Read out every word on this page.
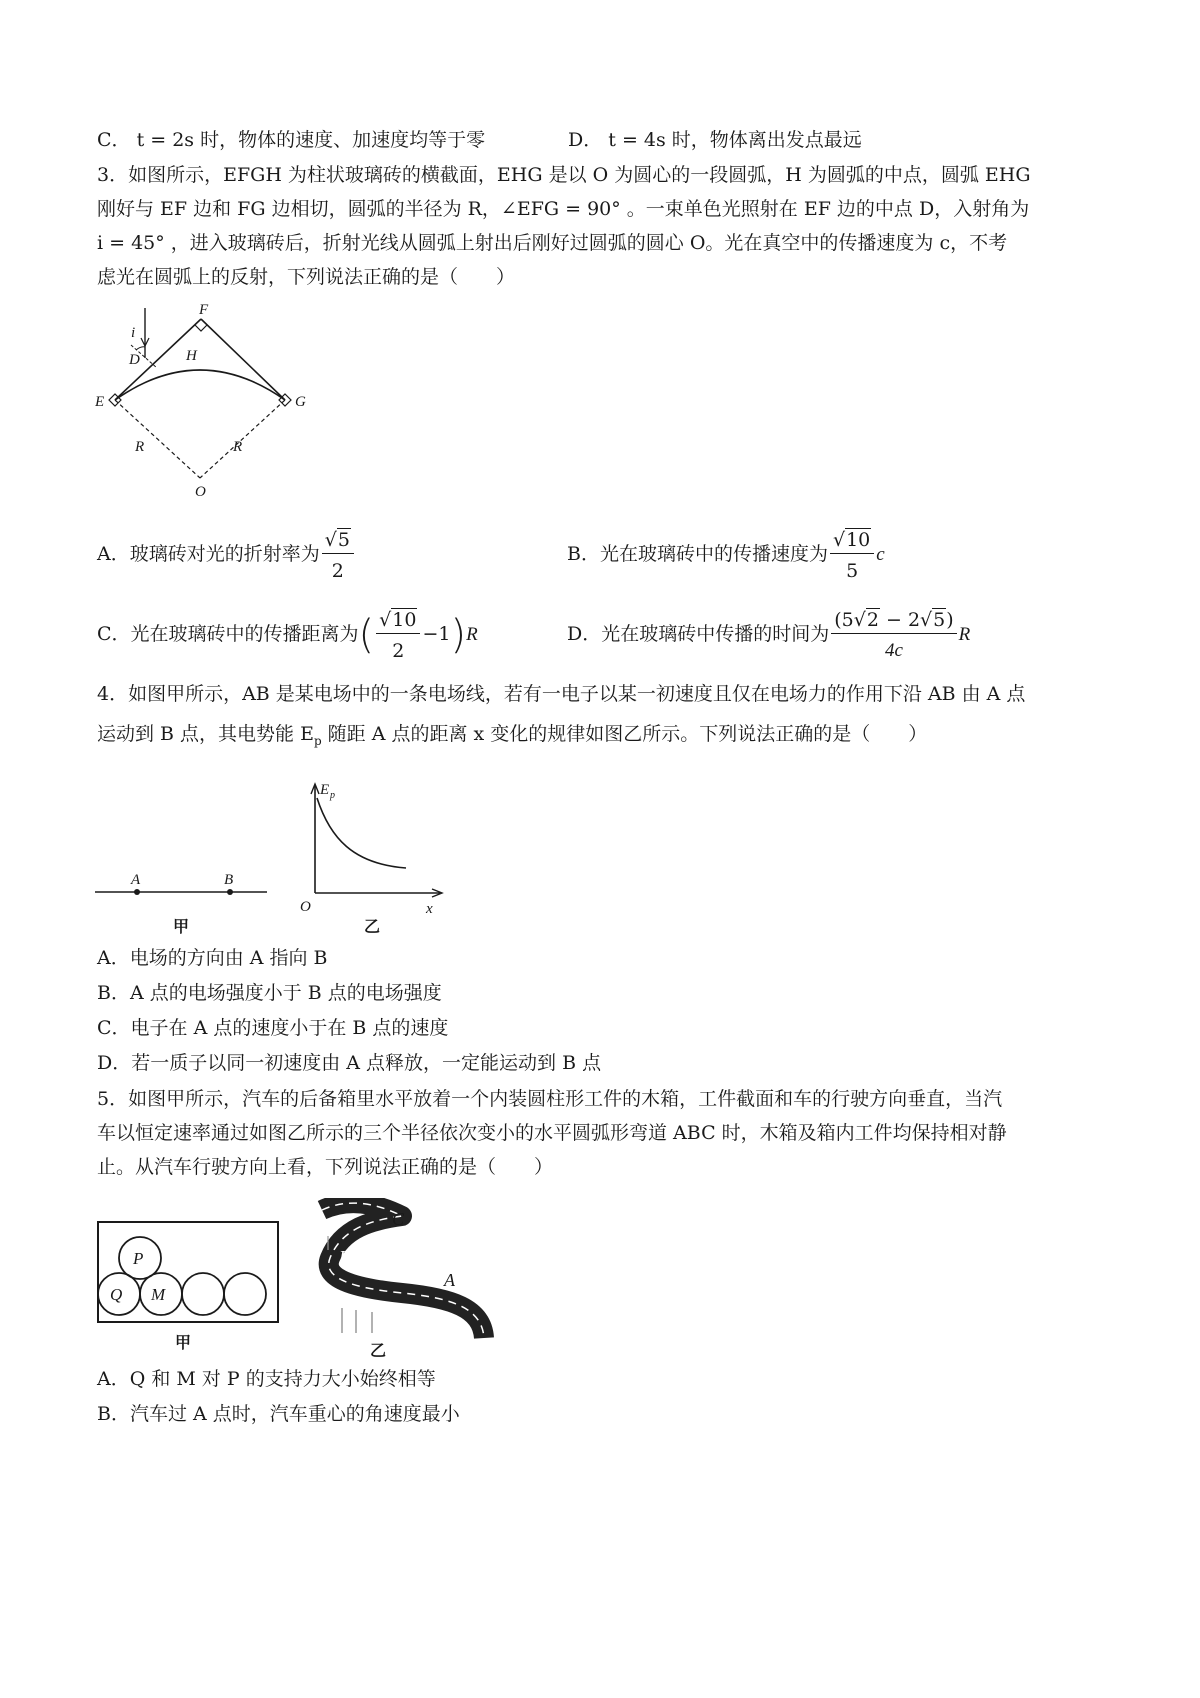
C． t = 2s 时，物体的速度、加速度均等于零	D． t = 4s 时，物体离出发点最远
3．如图所示，EFGH 为柱状玻璃砖的横截面，EHG 是以 O 为圆心的一段圆弧，H 为圆弧的中点，圆弧 EHG
刚好与 EF 边和 FG 边相切，圆弧的半径为 R，∠EFG = 90° 。一束单色光照射在 EF 边的中点 D，入射角为
i = 45° ，进入玻璃砖后，折射光线从圆弧上射出后刚好过圆弧的圆心 O。光在真空中的传播速度为 c，不考
虑光在圆弧上的反射，下列说法正确的是（　　）
F
i
D	H
E	G
R	R
O
A．玻璃砖对光的折射率为 $\frac{√5}{2}$	B．光在玻璃砖中的传播速度为 $\frac{√10}{5}$ c
C．光在玻璃砖中的传播距离为( $\frac{√10}{2} -1)R$	D．光在玻璃砖中传播的时间为 $\frac{(5√2 - 2√5)}{4c}$ R
4．如图甲所示，AB 是某电场中的一条电场线，若有一电子以某一初速度且仅在电场力的作用下沿 AB 由 A 点
运动到 B 点，其电势能 $E_p$ 随距 A 点的距离 x 变化的规律如图乙所示。下列说法正确的是（　　）
A	B
甲
E p
O	x
乙
A．电场的方向由 A 指向 B
B．A 点的电场强度小于 B 点的电场强度
C．电子在 A 点的速度小于在 B 点的速度
D．若一质子以同一初速度由 A 点释放，一定能运动到 B 点
5．如图甲所示，汽车的后备箱里水平放着一个内装圆柱形工件的木箱，工件截面和车的行驶方向垂直，当汽
车以恒定速率通过如图乙所示的三个半径依次变小的水平圆弧形弯道 ABC 时，木箱及箱内工件均保持相对静
止。从汽车行驶方向上看，下列说法正确的是（　　）
P
Q M
甲
C
B
A
乙
A．Q 和 M 对 P 的支持力大小始终相等
B．汽车过 A 点时，汽车重心的角速度最小
